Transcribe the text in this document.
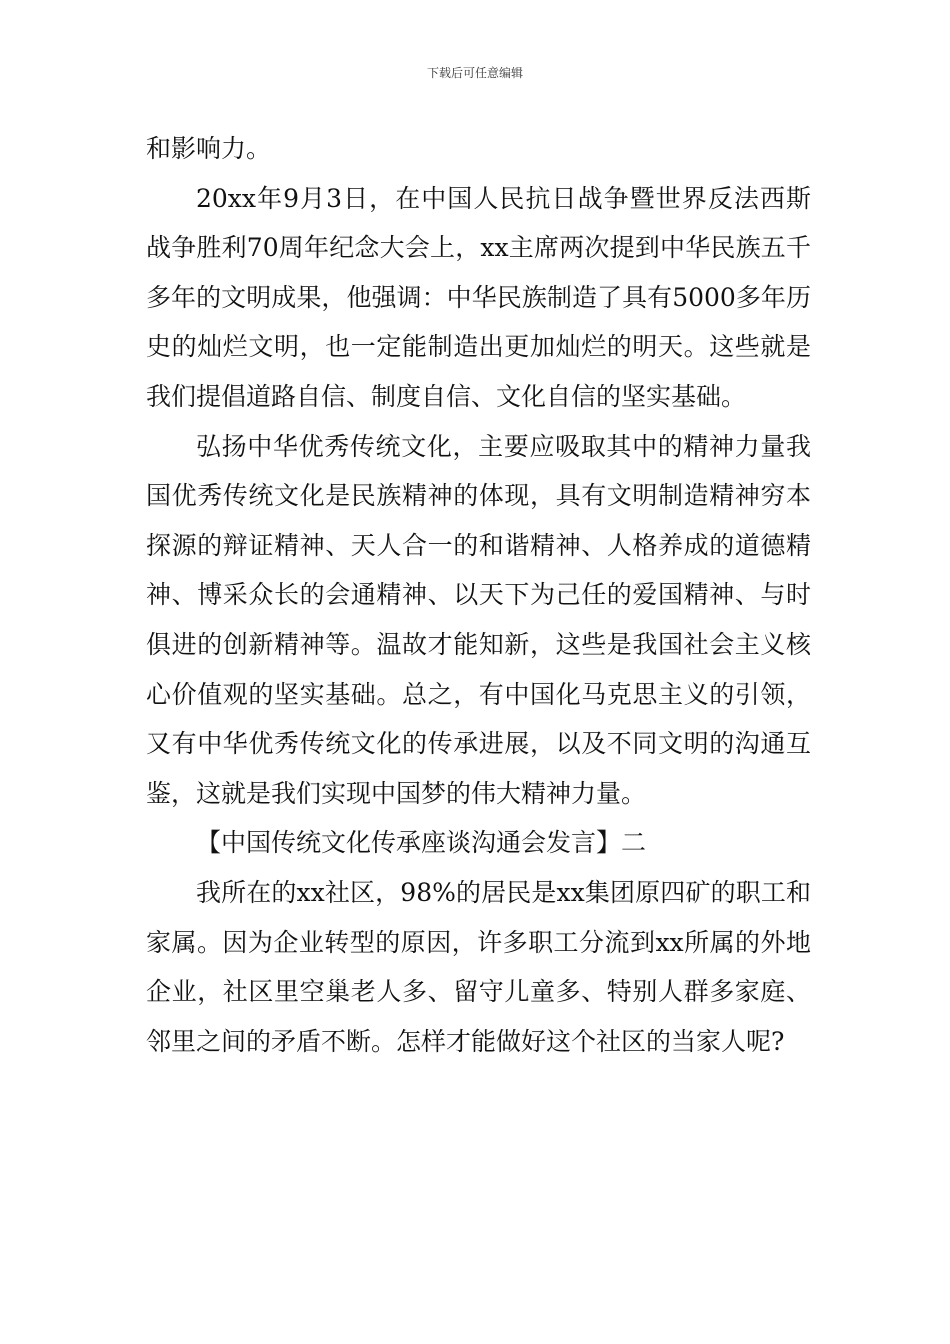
下载后可任意编辑

和影响力。

20xx年9月3日，在中国人民抗日战争暨世界反法西斯战争胜利70周年纪念大会上，xx主席两次提到中华民族五千多年的文明成果，他强调：中华民族制造了具有5000多年历史的灿烂文明，也一定能制造出更加灿烂的明天。这些就是我们提倡道路自信、制度自信、文化自信的坚实基础。

弘扬中华优秀传统文化，主要应吸取其中的精神力量我国优秀传统文化是民族精神的体现，具有文明制造精神穷本探源的辩证精神、天人合一的和谐精神、人格养成的道德精神、博采众长的会通精神、以天下为己任的爱国精神、与时俱进的创新精神等。温故才能知新，这些是我国社会主义核心价值观的坚实基础。总之，有中国化马克思主义的引领，又有中华优秀传统文化的传承进展，以及不同文明的沟通互鉴，这就是我们实现中国梦的伟大精神力量。

【中国传统文化传承座谈沟通会发言】二

我所在的xx社区，98%的居民是xx集团原四矿的职工和家属。因为企业转型的原因，许多职工分流到xx所属的外地企业，社区里空巢老人多、留守儿童多、特别人群多家庭、邻里之间的矛盾不断。怎样才能做好这个社区的当家人呢?
